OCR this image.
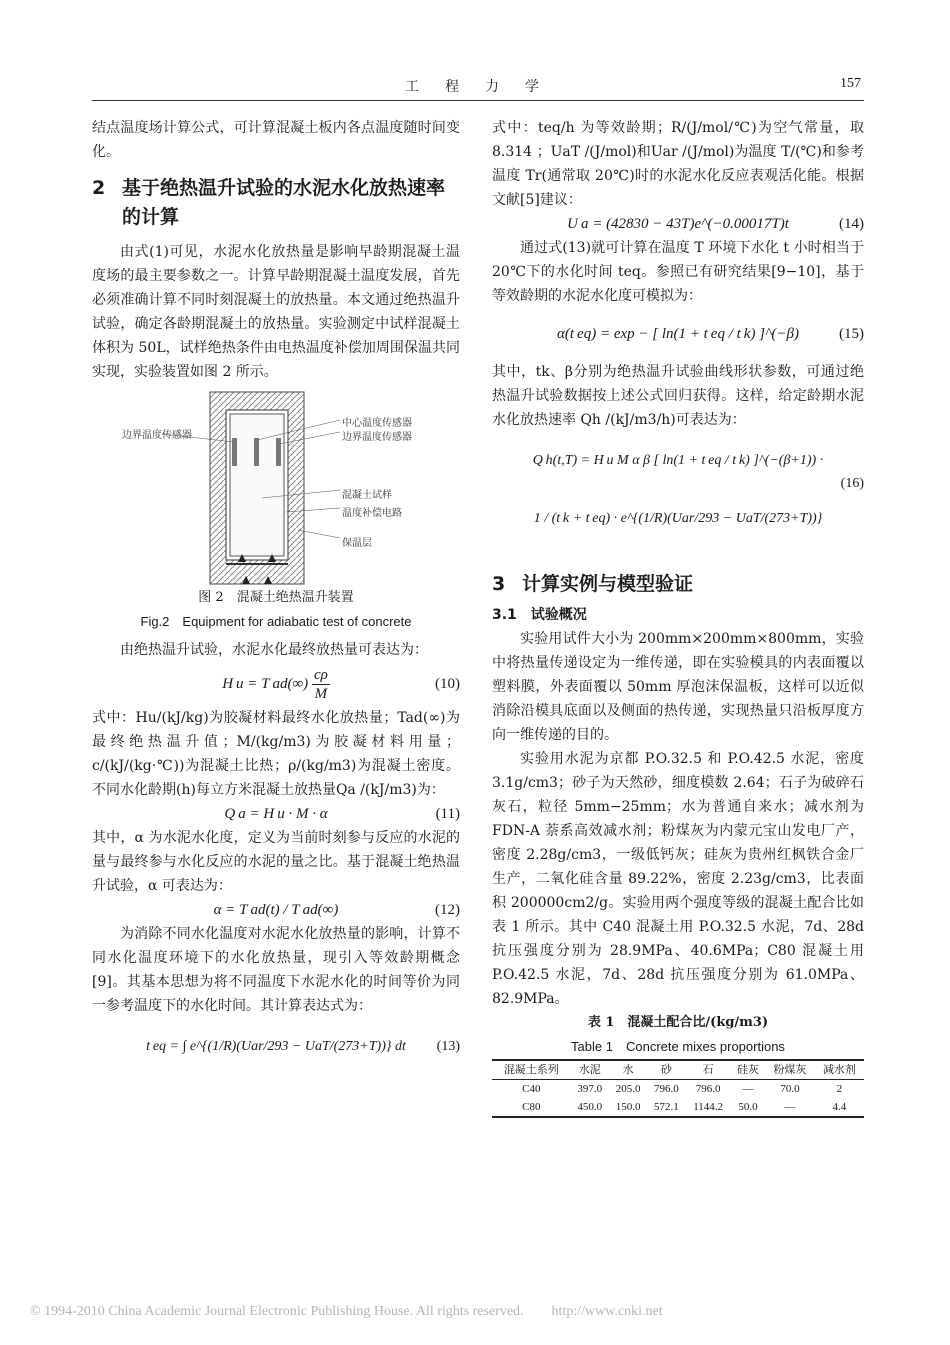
工程力学	157

结点温度场计算公式，可计算混凝土板内各点温度随时间变化。

2 基于绝热温升试验的水泥水化放热速率的计算

由式(1)可见，水泥水化放热量是影响早龄期混凝土温度场的最主要参数之一。计算早龄期混凝土温度发展，首先必须准确计算不同时刻混凝土的放热量。本文通过绝热温升试验，确定各龄期混凝土的放热量。实验测定中试样混凝土体积为 50L，试样绝热条件由电热温度补偿加周围保温共同实现，实验装置如图 2 所示。

边界温度传感器
中心温度传感器
边界温度传感器
混凝土试样
温度补偿电路
保温层
图 2　混凝土绝热温升装置
Fig.2　Equipment for adiabatic test of concrete

由绝热温升试验，水泥水化最终放热量可表达为：

H u = T $ad(\infty) \frac{c\rho}{M}$	(10)

式中：Hu/(kJ/kg)为胶凝材料最终水化放热量；Tad(∞)为最终绝热温升值；M/(kg/m3)为胶凝材料用量；c/(kJ/(kg·℃))为混凝土比热；ρ/(kg/m3)为混凝土密度。不同水化龄期(h)每立方米混凝土放热量Qa /(kJ/m3)为：

Q a = H u · M · α	(11)

其中，α 为水泥水化度，定义为当前时刻参与反应的水泥的量与最终参与水化反应的水泥的量之比。基于混凝土绝热温升试验，α 可表达为：

α = T ad(t) / T ad(∞)	(12)

为消除不同水化温度对水泥水化放热量的影响，计算不同水化温度环境下的水化放热量，现引入等效龄期概念[9]。其基本思想为将不同温度下水泥水化的时间等价为同一参考温度下的水化时间。其计算表达式为：

t eq = ∫ e^{(1/R)(Uar/293 − UaT/(273+T))} dt (13)

式中：teq/h 为等效龄期；R/(J/mol/℃)为空气常量，取 8.314 ；UaT /(J/mol)和Uar /(J/mol)为温度 T/(℃)和参考温度 Tr(通常取 20℃)时的水泥水化反应表观活化能。根据文献[5]建议：

U a = (42830 − 43T)e^(−0.00017T)t	(14)

通过式(13)就可计算在温度 T 环境下水化 t 小时相当于 20℃下的水化时间 teq。参照已有研究结果[9−10]，基于等效龄期的水泥水化度可模拟为：

α(t eq) = exp − [ ln(1 + t eq / t k) ]^(−β)	(15)

其中，tk、β分别为绝热温升试验曲线形状参数，可通过绝热温升试验数据按上述公式回归获得。这样，给定龄期水泥水化放热速率 Qh /(kJ/m3/h)可表达为：

Q h(t,T) = H u M α β [ ln(1 + t eq / t k) ]^(−(β+1)) ·
1 / (t k + t eq) · e^{(1/R)(Uar/293 − UaT/(273+T))}
(16)
3 计算实例与模型验证
3.1　试验概况

实验用试件大小为 200mm×200mm×800mm，实验中将热量传递设定为一维传递，即在实验模具的内表面覆以塑料膜，外表面覆以 50mm 厚泡沫保温板，这样可以近似消除沿模具底面以及侧面的热传递，实现热量只沿板厚度方向一维传递的目的。

实验用水泥为京都 P.O.32.5 和 P.O.42.5 水泥，密度 3.1g/cm3；砂子为天然砂，细度模数 2.64；石子为破碎石灰石，粒径 5mm−25mm；水为普通自来水；减水剂为 FDN-A 萘系高效减水剂；粉煤灰为内蒙元宝山发电厂产，密度 2.28g/cm3，一级低钙灰；硅灰为贵州红枫铁合金厂生产，二氧化硅含量 89.22%，密度 2.23g/cm3，比表面积 200000cm2/g。实验用两个强度等级的混凝土配合比如表 1 所示。其中 C40 混凝土用 P.O.32.5 水泥，7d、28d 抗压强度分别为 28.9MPa、40.6MPa；C80 混凝土用 P.O.42.5 水泥，7d、28d 抗压强度分别为 61.0MPa、82.9MPa。

表 1　混凝土配合比/(kg/m3)
Table 1　Concrete mixes proportions
混凝土系列	水泥	水	砂	石	硅灰	粉煤灰	减水剂
C40	397.0	205.0	796.0	796.0	—	70.0	2
C80	450.0	150.0	572.1	1144.2	50.0	—	4.4
© 1994-2010 China Academic Journal Electronic Publishing House. All rights reserved.　　http://www.cnki.net
